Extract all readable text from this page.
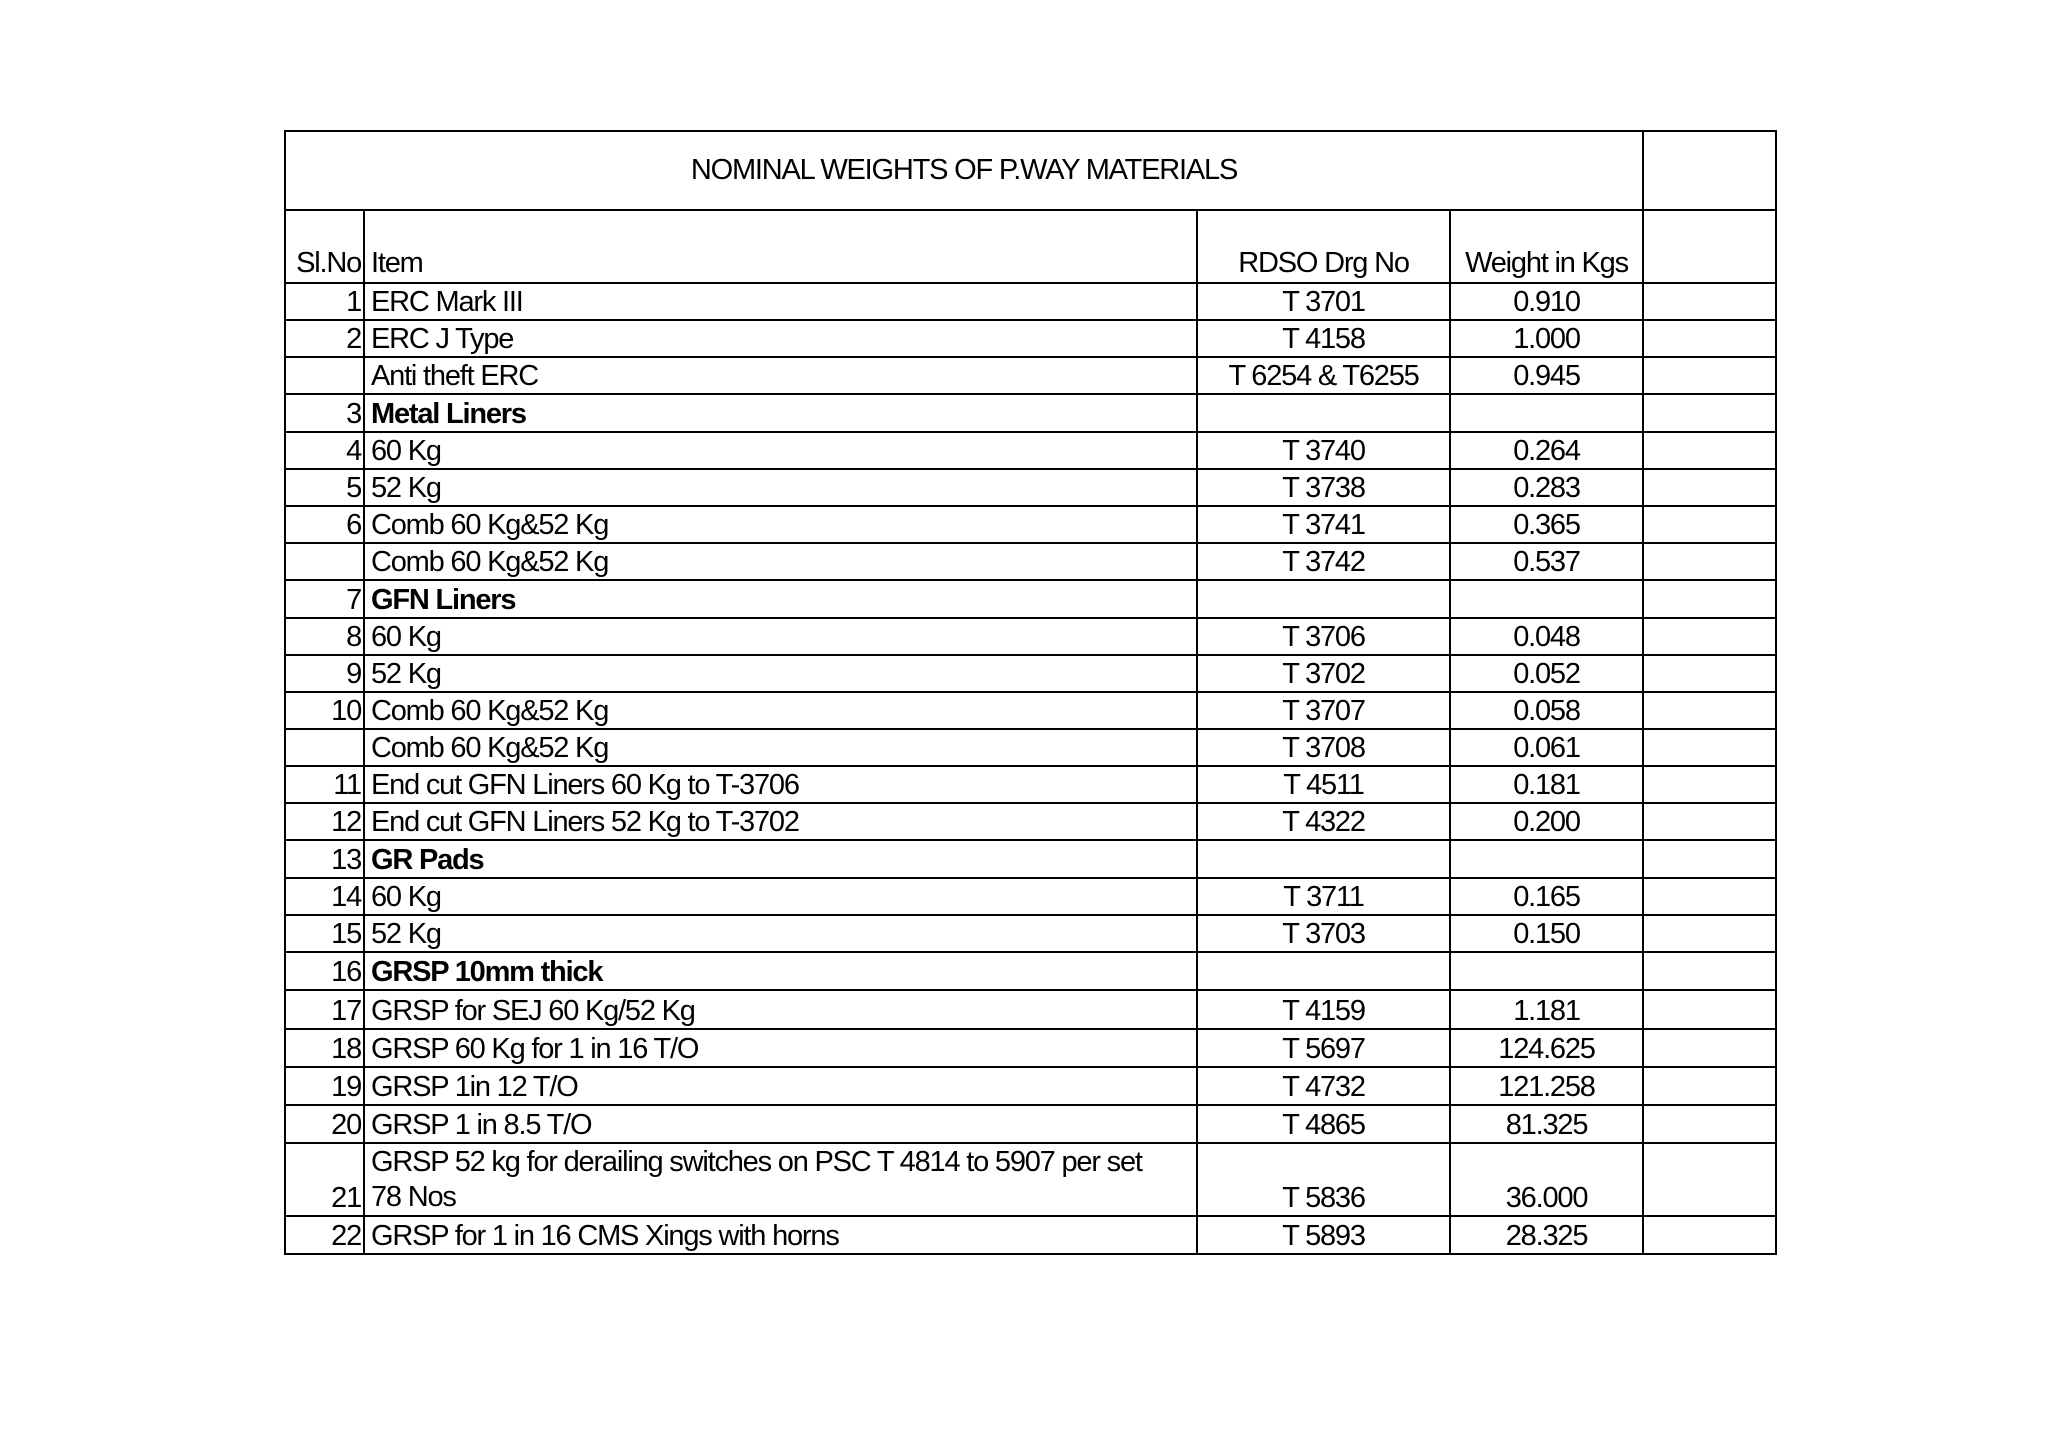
NOMINAL WEIGHTS OF P.WAY MATERIALS				
Sl.No	Item	RDSO Drg No	Weight in Kgs	
1	ERC Mark III	T 3701	0.910	
2	ERC J Type	T 4158	1.000	
	Anti theft ERC	T 6254 & T6255	0.945	
3	Metal Liners			
4	60 Kg	T 3740	0.264	
5	52 Kg	T 3738	0.283	
6	Comb 60 Kg&52 Kg	T 3741	0.365	
	Comb 60 Kg&52 Kg	T 3742	0.537	
7	GFN Liners			
8	60 Kg	T 3706	0.048	
9	52 Kg	T 3702	0.052	
10	Comb 60 Kg&52 Kg	T 3707	0.058	
	Comb 60 Kg&52 Kg	T 3708	0.061	
11	End cut GFN Liners 60 Kg to T-3706	T 4511	0.181	
12	End cut GFN Liners 52 Kg to T-3702	T 4322	0.200	
13	GR Pads			
14	60 Kg	T 3711	0.165	
15	52 Kg	T 3703	0.150	
16	GRSP 10mm thick			
17	GRSP for SEJ 60 Kg/52 Kg	T 4159	1.181	
18	GRSP 60 Kg for 1 in 16 T/O	T 5697	124.625	
19	GRSP 1in 12 T/O	T 4732	121.258	
20	GRSP 1 in 8.5 T/O	T 4865	81.325	
21	GRSP 52 kg for derailing switches on PSC T 4814 to 5907 per set 78 Nos	T 5836	36.000	
22	GRSP for 1 in 16 CMS Xings with horns	T 5893	28.325	
